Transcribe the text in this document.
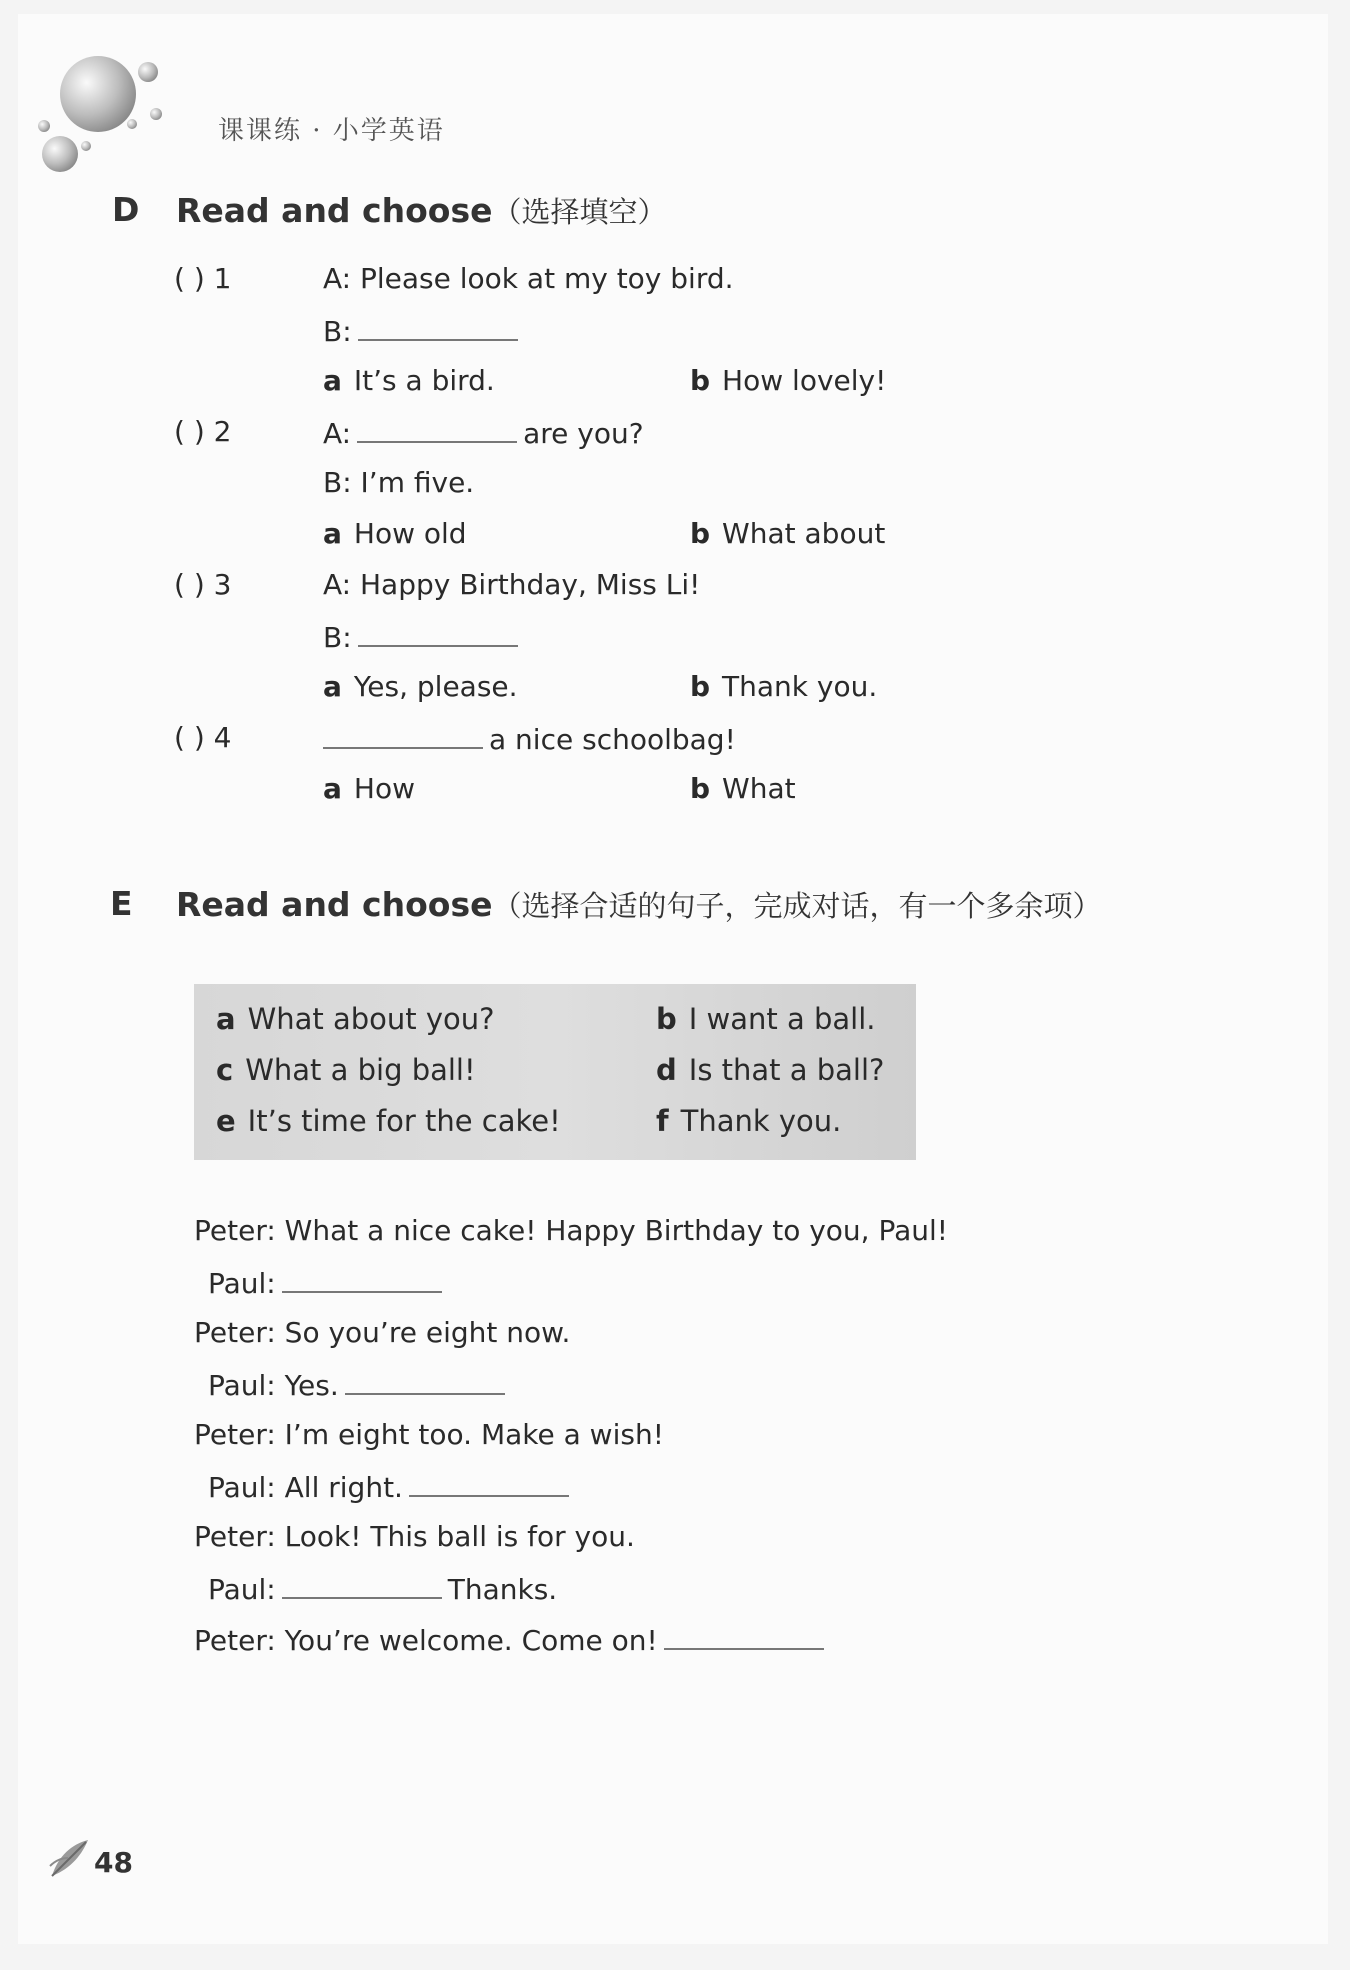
课课练 · 小学英语
D Read and choose（选择填空）
( ) 1	A: Please look at my toy bird.
B:
a It’s a bird.	b How lovely!
( ) 2	A:	are you?
B: I’m five.
a How old	b What about
( ) 3	A: Happy Birthday, Miss Li!
B:
a Yes, please.	b Thank you.
( ) 4	a nice schoolbag!
a How	b What
E Read and choose（选择合适的句子，完成对话，有一个多余项）
a What about you?	b I want a ball.
c What a big ball!	d Is that a ball?
e It’s time for the cake!	f Thank you.
Peter: What a nice cake! Happy Birthday to you, Paul!
Paul:
Peter: So you’re eight now.
Paul: Yes.
Peter: I’m eight too. Make a wish!
Paul: All right.
Peter: Look! This ball is for you.
Paul:	Thanks.
Peter: You’re welcome. Come on!
48
